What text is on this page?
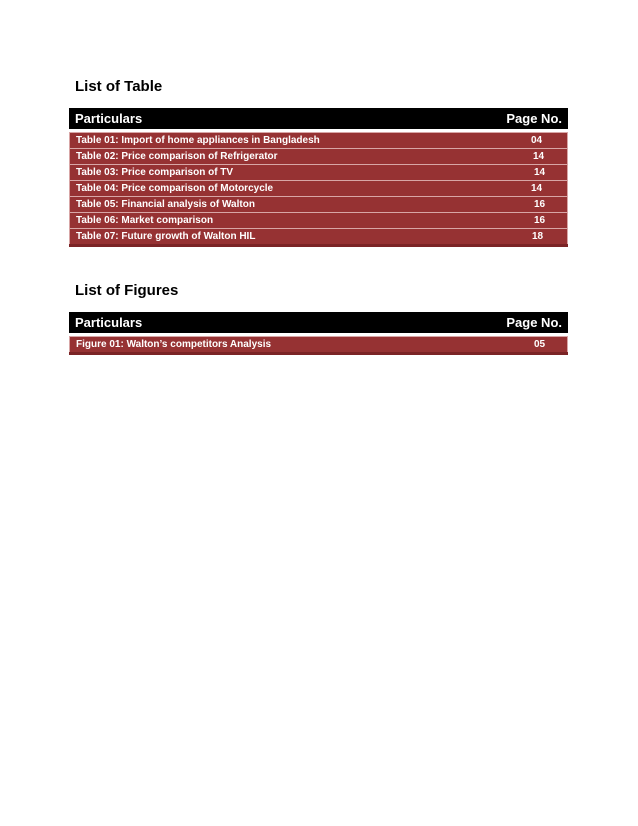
List of Table
Particulars	Page No.
Table 01: Import of home appliances in Bangladesh	04
Table 02: Price comparison of Refrigerator	14
Table 03: Price comparison of TV	14
Table 04: Price comparison of Motorcycle	14
Table 05: Financial analysis of Walton	16
Table 06: Market comparison	16
Table 07: Future growth of Walton HIL	18
List of Figures
Particulars	Page No.
Figure 01: Walton’s competitors Analysis	05
